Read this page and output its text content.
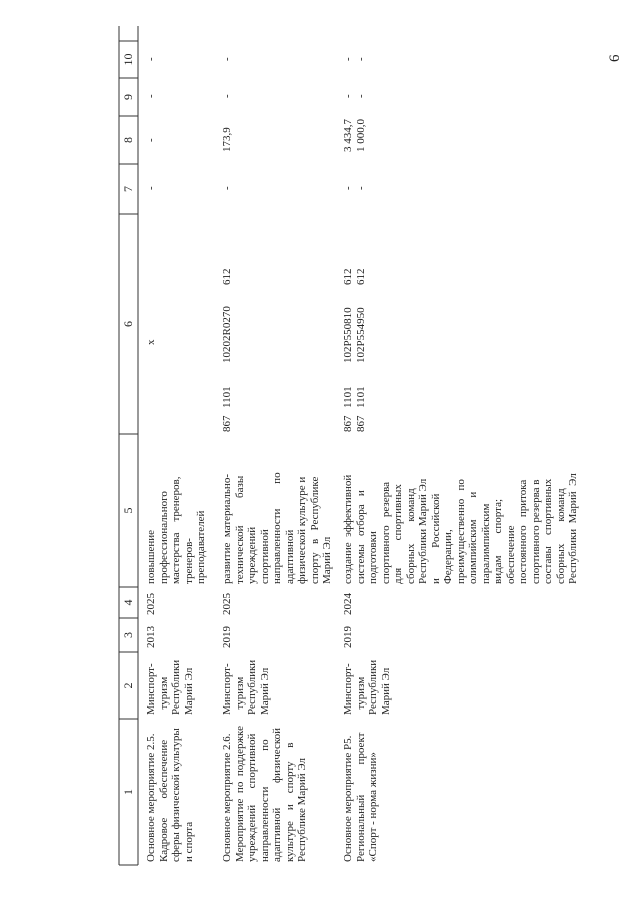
6
1
2
3
4
5
6
7
8
9
10
Основное мероприятие 2.5.
Кадровое       обеспечение
сферы физической культуры
и спорта
Минспорт-
туризм
Республики
Марий Эл
2013
2025
повышение
профессионального
мастерства    тренеров,
тренеров-
преподавателей
x
-
-
-
-
Основное мероприятие 2.6.
Мероприятие  по  поддержке
учреждений      спортивной
направленности             по
адаптивной         физической
культуре    и    спорту     в
Республике Марий Эл
Минспорт-
туризм
Республики
Марий Эл
2019
2025
развитие  материально-
технической          базы
учреждений
спортивной
направленности         по
адаптивной
физической культуре и
спорту   в   Республике
Марий Эл
867
1101
10202R0270
612
-
173,9
-
-
Основное мероприятие Р5.
Региональный           проект
«Спорт - норма жизни»
Минспорт-
туризм
Республики
Марий Эл
2019
2024
создание  эффективной
системы   отбора   и
подготовки
спортивного   резерва
для          спортивных
сборных        команд
Республики Марий Эл
и           Российской
Федерации,
преимущественно   по
олимпийским        и
паралимпийским
видам        спорта;
обеспечение
постоянного   притока
спортивного резерва в
составы    спортивных
сборных        команд
Республики  Марий  Эл
867
867
1101
1101
102P550810
102P554950
612
612
-
-
3 434,7
1 000,0
-
-
-
-
